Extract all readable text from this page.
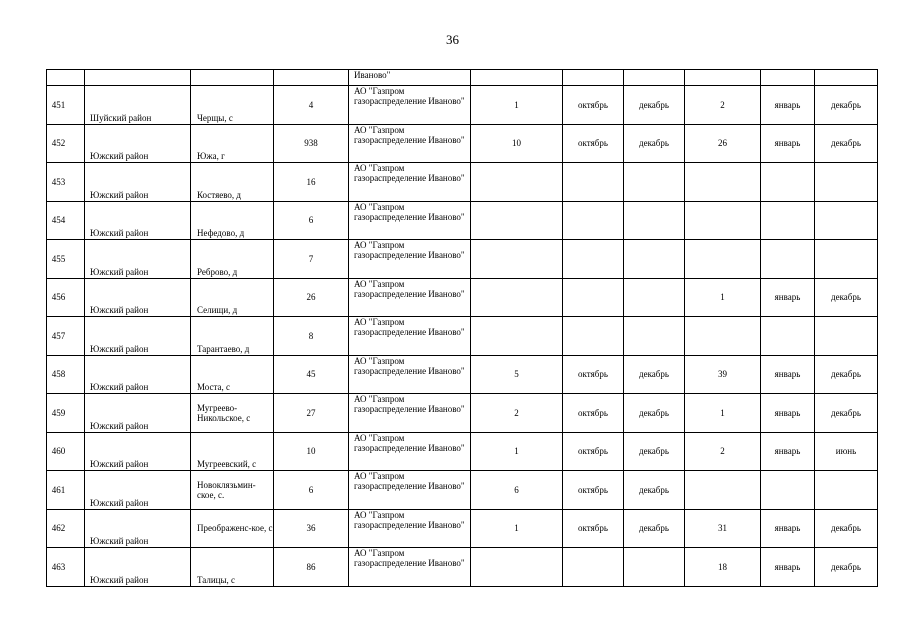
36
				Иваново"						
451	Шуйский район	Черщы, с	4	АО "Газпром газораспределение Иваново"	1	октябрь	декабрь	2	январь	декабрь
452	Южский район	Южа, г	938	АО "Газпром газораспределение Иваново"	10	октябрь	декабрь	26	январь	декабрь
453	Южский район	Костяево, д	16	АО "Газпром газораспределение Иваново"						
454	Южский район	Нефедово, д	6	АО "Газпром газораспределение Иваново"						
455	Южский район	Реброво, д	7	АО "Газпром газораспределение Иваново"						
456	Южский район	Селищи, д	26	АО "Газпром газораспределение Иваново"				1	январь	декабрь
457	Южский район	Тарантаево, д	8	АО "Газпром газораспределение Иваново"						
458	Южский район	Моста, с	45	АО "Газпром газораспределение Иваново"	5	октябрь	декабрь	39	январь	декабрь
459	Южский район	Мугреево-Никольское, с	27	АО "Газпром газораспределение Иваново"	2	октябрь	декабрь	1	январь	декабрь
460	Южский район	Мугреевский, с	10	АО "Газпром газораспределение Иваново"	1	октябрь	декабрь	2	январь	июнь
461	Южский район	Новоклязьмин-ское, с.	6	АО "Газпром газораспределение Иваново"	6	октябрь	декабрь			
462	Южский район	Преображенс-кое, с	36	АО "Газпром газораспределение Иваново"	1	октябрь	декабрь	31	январь	декабрь
463	Южский район	Талицы, с	86	АО "Газпром газораспределение Иваново"				18	январь	декабрь
